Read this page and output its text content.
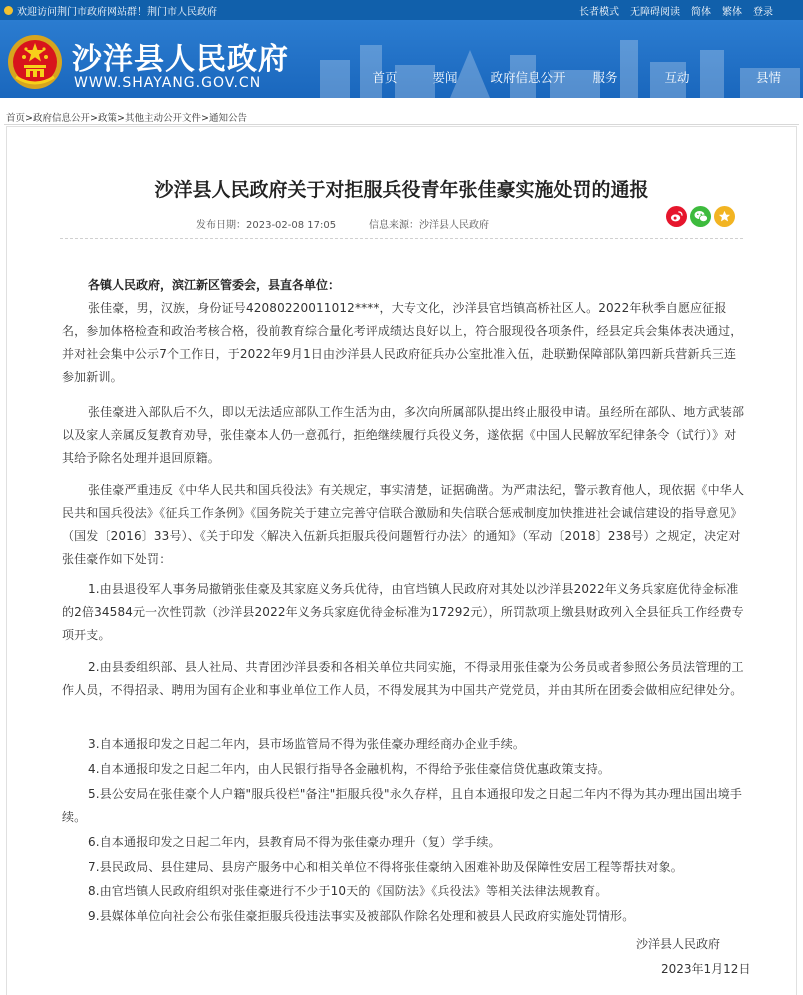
欢迎访问荆门市政府网站群！荆门市人民政府	长者模式 无障碍阅读 简体 繁体 登录
沙洋县人民政府
WWW.SHAYANG.GOV.CN	首页	要闻	政府信息公开	服务	互动	县情
首页>政府信息公开>政策>其他主动公开文件>通知公告
沙洋县人民政府关于对拒服兵役青年张佳豪实施处罚的通报
发布日期：2023-02-08 17:05	信息来源：沙洋县人民政府
各镇人民政府，滨江新区管委会，县直各单位：
张佳豪，男，汉族，身份证号42080220011012****，大专文化，沙洋县官垱镇高桥社区人。2022年秋季自愿应征报名，参加体格检查和政治考核合格，役前教育综合量化考评成绩达良好以上，符合服现役各项条件，经县定兵会集体表决通过，并对社会集中公示7个工作日，于2022年9月1日由沙洋县人民政府征兵办公室批准入伍，赴联勤保障部队第四新兵营新兵三连参加新训。
张佳豪进入部队后不久，即以无法适应部队工作生活为由，多次向所属部队提出终止服役申请。虽经所在部队、地方武装部以及家人亲属反复教育劝导，张佳豪本人仍一意孤行，拒绝继续履行兵役义务，遂依据《中国人民解放军纪律条令（试行）》对其给予除名处理并退回原籍。
张佳豪严重违反《中华人民共和国兵役法》有关规定，事实清楚，证据确凿。为严肃法纪，警示教育他人，现依据《中华人民共和国兵役法》《征兵工作条例》《国务院关于建立完善守信联合激励和失信联合惩戒制度加快推进社会诚信建设的指导意见》（国发〔2016〕33号）、《关于印发〈解决入伍新兵拒服兵役问题暂行办法〉的通知》（军动〔2018〕238号）之规定，决定对张佳豪作如下处罚：
1.由县退役军人事务局撤销张佳豪及其家庭义务兵优待，由官垱镇人民政府对其处以沙洋县2022年义务兵家庭优待金标准的2倍34584元一次性罚款（沙洋县2022年义务兵家庭优待金标准为17292元），所罚款项上缴县财政列入全县征兵工作经费专项开支。
2.由县委组织部、县人社局、共青团沙洋县委和各相关单位共同实施，不得录用张佳豪为公务员或者参照公务员法管理的工作人员，不得招录、聘用为国有企业和事业单位工作人员，不得发展其为中国共产党党员，并由其所在团委会做相应纪律处分。
3.自本通报印发之日起二年内，县市场监管局不得为张佳豪办理经商办企业手续。
4.自本通报印发之日起二年内，由人民银行指导各金融机构，不得给予张佳豪信贷优惠政策支持。
5.县公安局在张佳豪个人户籍"服兵役栏"备注"拒服兵役"永久存样，且自本通报印发之日起二年内不得为其办理出国出境手续。
6.自本通报印发之日起二年内，县教育局不得为张佳豪办理升（复）学手续。
7.县民政局、县住建局、县房产服务中心和相关单位不得将张佳豪纳入困难补助及保障性安居工程等帮扶对象。
8.由官垱镇人民政府组织对张佳豪进行不少于10天的《国防法》《兵役法》等相关法律法规教育。
9.县媒体单位向社会公布张佳豪拒服兵役违法事实及被部队作除名处理和被县人民政府实施处罚情形。
沙洋县人民政府
2023年1月12日
